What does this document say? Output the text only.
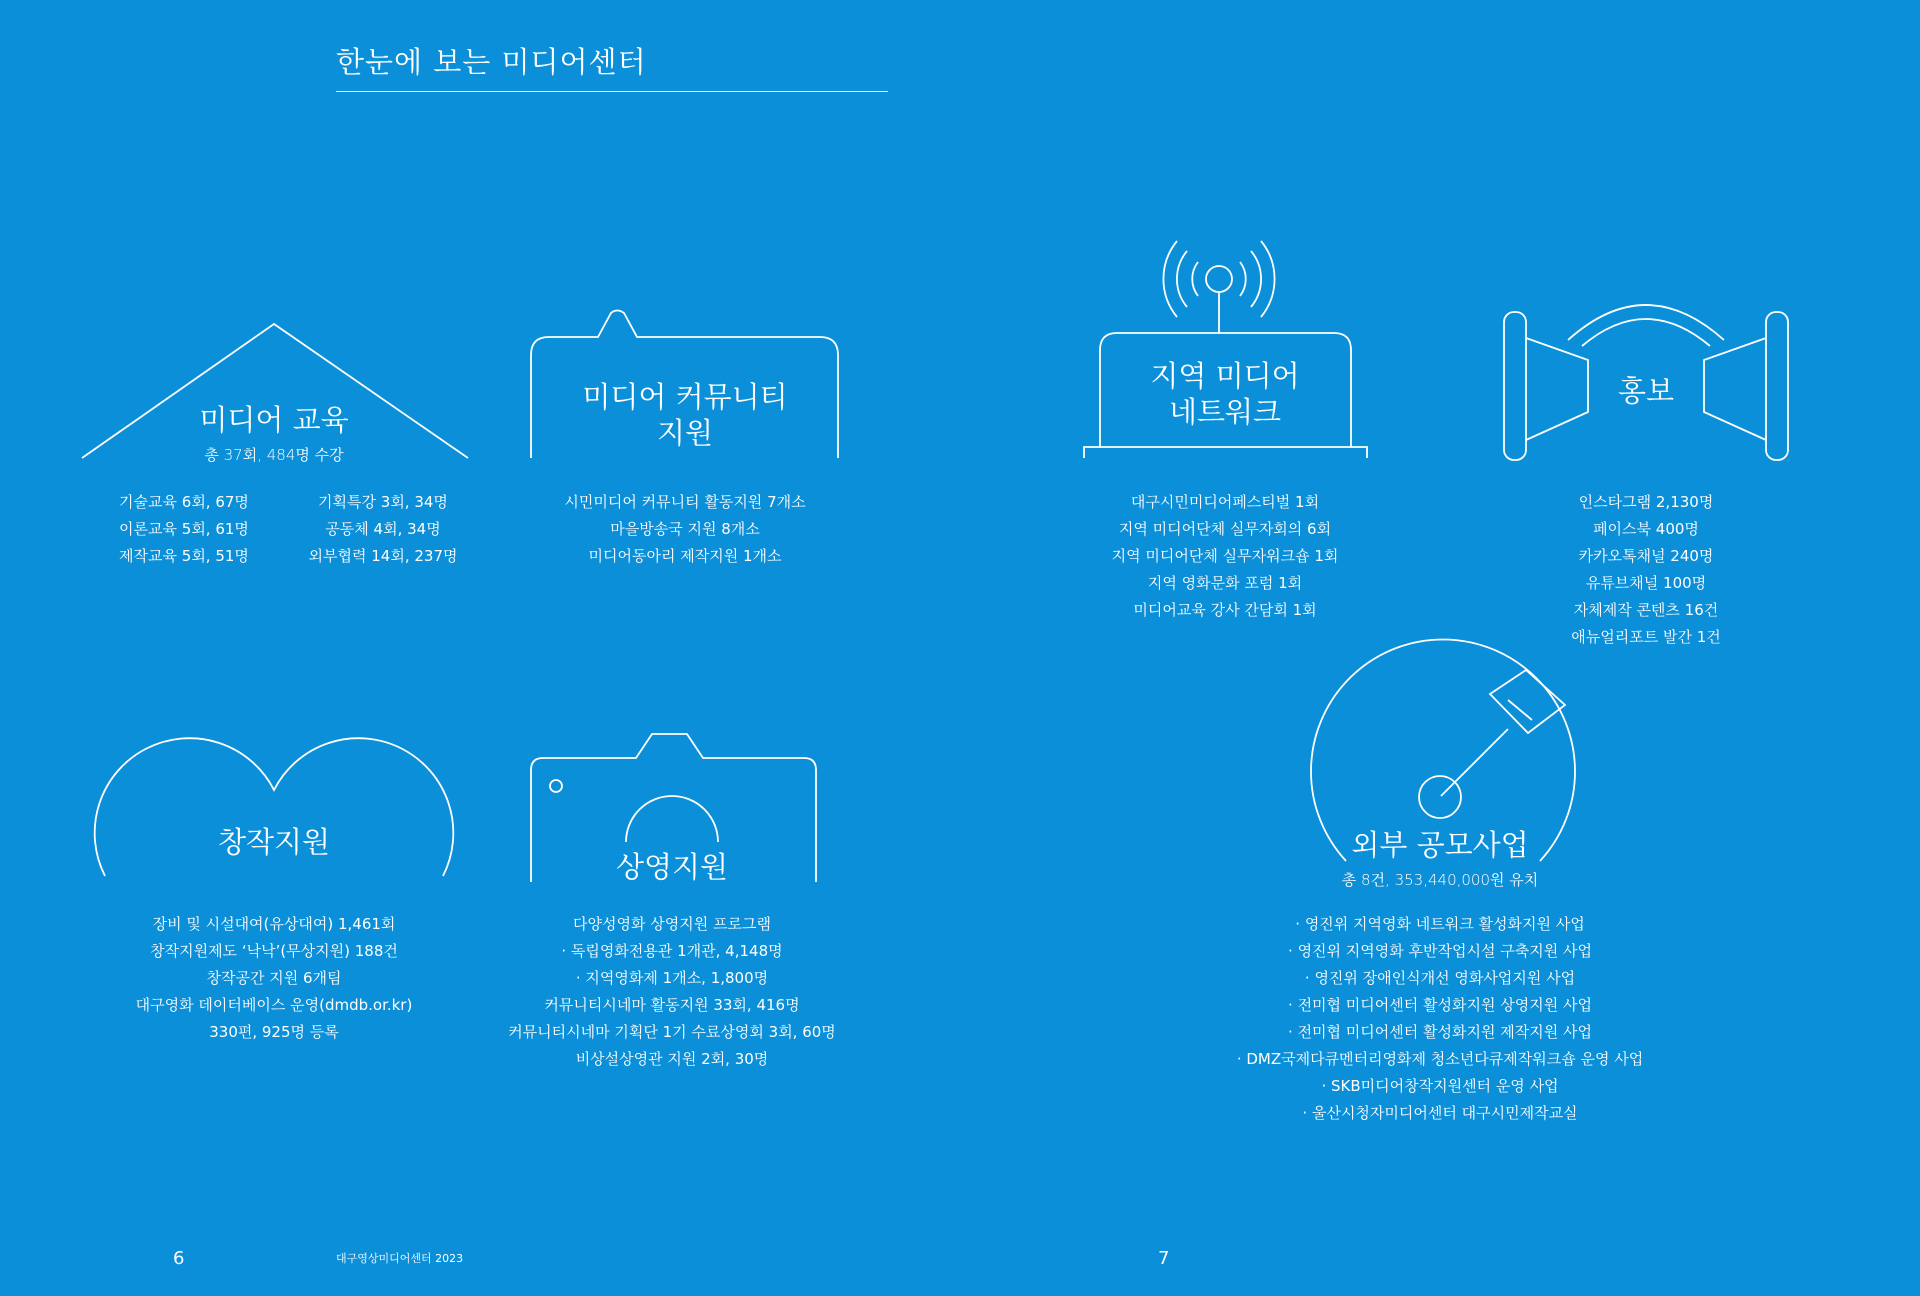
한눈에 보는 미디어센터
미디어 교육
총 37회, 484명 수강
기술교육 6회, 67명
이론교육 5회, 61명
제작교육 5회, 51명
기획특강 3회, 34명
공동체 4회, 34명
외부협력 14회, 237명
미디어 커뮤니티
지원
시민미디어 커뮤니티 활동지원 7개소
마을방송국 지원 8개소
미디어동아리 제작지원 1개소
지역 미디어
네트워크
대구시민미디어페스티벌 1회
지역 미디어단체 실무자회의 6회
지역 미디어단체 실무자워크숍 1회
지역 영화문화 포럼 1회
미디어교육 강사 간담회 1회
홍보
인스타그램 2,130명
페이스북 400명
카카오톡채널 240명
유튜브채널 100명
자체제작 콘텐츠 16건
애뉴얼리포트 발간 1건
창작지원
장비 및 시설대여(유상대여) 1,461회
창작지원제도 ‘낙낙’(무상지원) 188건
창작공간 지원 6개팀
대구영화 데이터베이스 운영(dmdb.or.kr)
330편, 925명 등록
상영지원
다양성영화 상영지원 프로그램
· 독립영화전용관 1개관, 4,148명
· 지역영화제 1개소, 1,800명
커뮤니티시네마 활동지원 33회, 416명
커뮤니티시네마 기획단 1기 수료상영회 3회, 60명
비상설상영관 지원 2회, 30명
외부 공모사업
총 8건, 353,440,000원 유치
· 영진위 지역영화 네트워크 활성화지원 사업
· 영진위 지역영화 후반작업시설 구축지원 사업
· 영진위 장애인식개선 영화사업지원 사업
· 전미협 미디어센터 활성화지원 상영지원 사업
· 전미협 미디어센터 활성화지원 제작지원 사업
· DMZ국제다큐멘터리영화제 청소년다큐제작워크숍 운영 사업
· SKB미디어창작지원센터 운영 사업
· 울산시청자미디어센터 대구시민제작교실
6	대구영상미디어센터 2023	7
